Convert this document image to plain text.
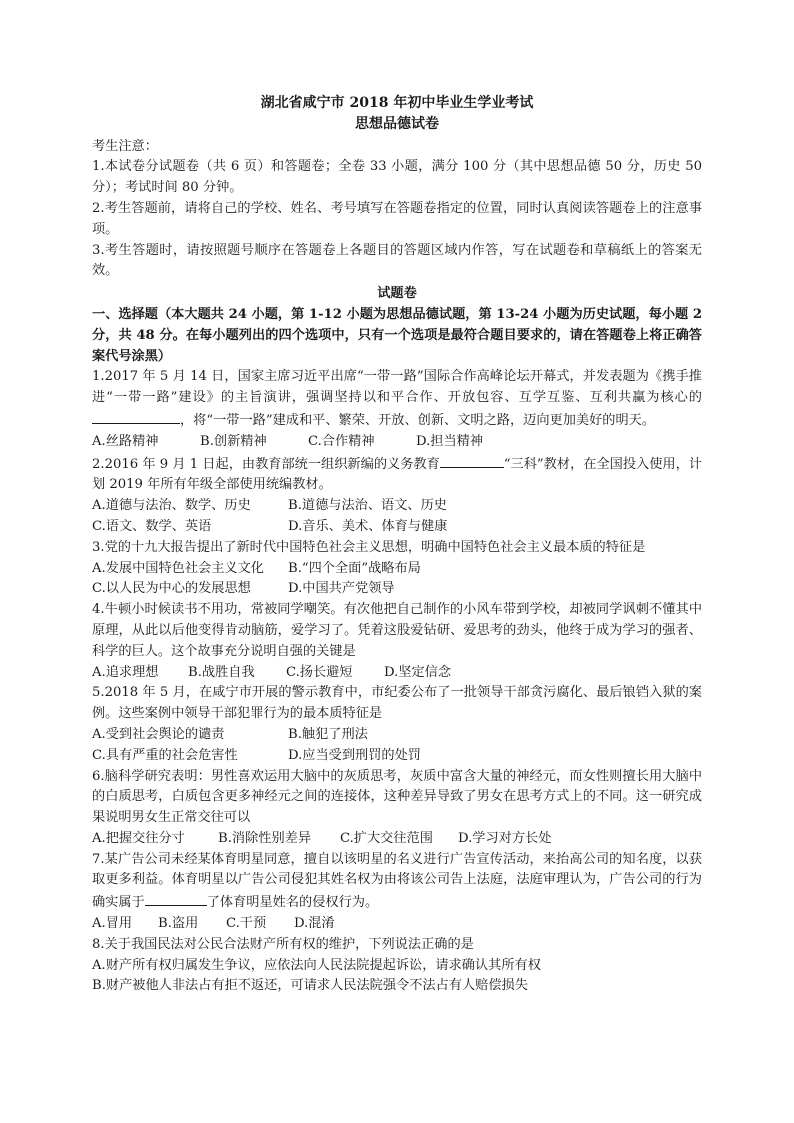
湖北省咸宁市 2018 年初中毕业生学业考试
思想品德试卷
考生注意：

1.本试卷分试题卷（共 6 页）和答题卷；全卷 33 小题，满分 100 分（其中思想品德 50 分，历史 50 分）；考试时间 80 分钟。

2.考生答题前，请将自己的学校、姓名、考号填写在答题卷指定的位置，同时认真阅读答题卷上的注意事项。

3.考生答题时，请按照题号顺序在答题卷上各题目的答题区域内作答，写在试题卷和草稿纸上的答案无效。

试题卷

一、选择题（本大题共 24 小题，第 1-12 小题为思想品德试题，第 13-24 小题为历史试题，每小题 2 分，共 48 分。在每小题列出的四个选项中，只有一个选项是最符合题目要求的，请在答题卷上将正确答案代号涂黑）

1.2017 年 5 月 14 日，国家主席习近平出席“一带一路”国际合作高峰论坛开幕式，并发表题为《携手推进“一带一路”建设》的主旨演讲，强调坚持以和平合作、开放包容、互学互鉴、互利共赢为核心的，将“一带一路”建成和平、繁荣、开放、创新、文明之路，迈向更加美好的明天。

A.丝路精神	B.创新精神	C.合作精神	D.担当精神

2.2016 年 9 月 1 日起，由教育部统一组织新编的义务教育	“三科”教材，在全国投入使用，计划 2019 年所有年级全部使用统编教材。

A.道德与法治、数学、历史	B.道德与法治、语文、历史
C.语文、数学、英语	D.音乐、美术、体育与健康

3.党的十九大报告提出了新时代中国特色社会主义思想，明确中国特色社会主义最本质的特征是

A.发展中国特色社会主义文化	B.“四个全面”战略布局
C.以人民为中心的发展思想	D.中国共产党领导

4.牛顿小时候读书不用功，常被同学嘲笑。有次他把自己制作的小风车带到学校，却被同学讽刺不懂其中原理，从此以后他变得肯动脑筋，爱学习了。凭着这股爱钻研、爱思考的劲头，他终于成为学习的强者、科学的巨人。这个故事充分说明自强的关键是

A.追求理想	B.战胜自我	C.扬长避短	D.坚定信念

5.2018 年 5 月，在咸宁市开展的警示教育中，市纪委公布了一批领导干部贪污腐化、最后锒铛入狱的案例。这些案例中领导干部犯罪行为的最本质特征是

A.受到社会舆论的谴责	B.触犯了刑法
C.具有严重的社会危害性	D.应当受到刑罚的处罚

6.脑科学研究表明：男性喜欢运用大脑中的灰质思考，灰质中富含大量的神经元，而女性则擅长用大脑中的白质思考，白质包含更多神经元之间的连接体，这种差异导致了男女在思考方式上的不同。这一研究成果说明男女生正常交往可以

A.把握交往分寸	B.消除性别差异	C.扩大交往范围	D.学习对方长处

7.某广告公司未经某体育明星同意，擅自以该明星的名义进行广告宣传活动，来抬高公司的知名度，以获取更多利益。体育明星以广告公司侵犯其姓名权为由将该公司告上法庭，法庭审理认为，广告公司的行为确实属于	了体育明星姓名的侵权行为。

A.冒用	B.盗用	C.干预	D.混淆

8.关于我国民法对公民合法财产所有权的维护，下列说法正确的是

A.财产所有权归属发生争议，应依法向人民法院提起诉讼，请求确认其所有权

B.财产被他人非法占有拒不返还，可请求人民法院强令不法占有人赔偿损失
